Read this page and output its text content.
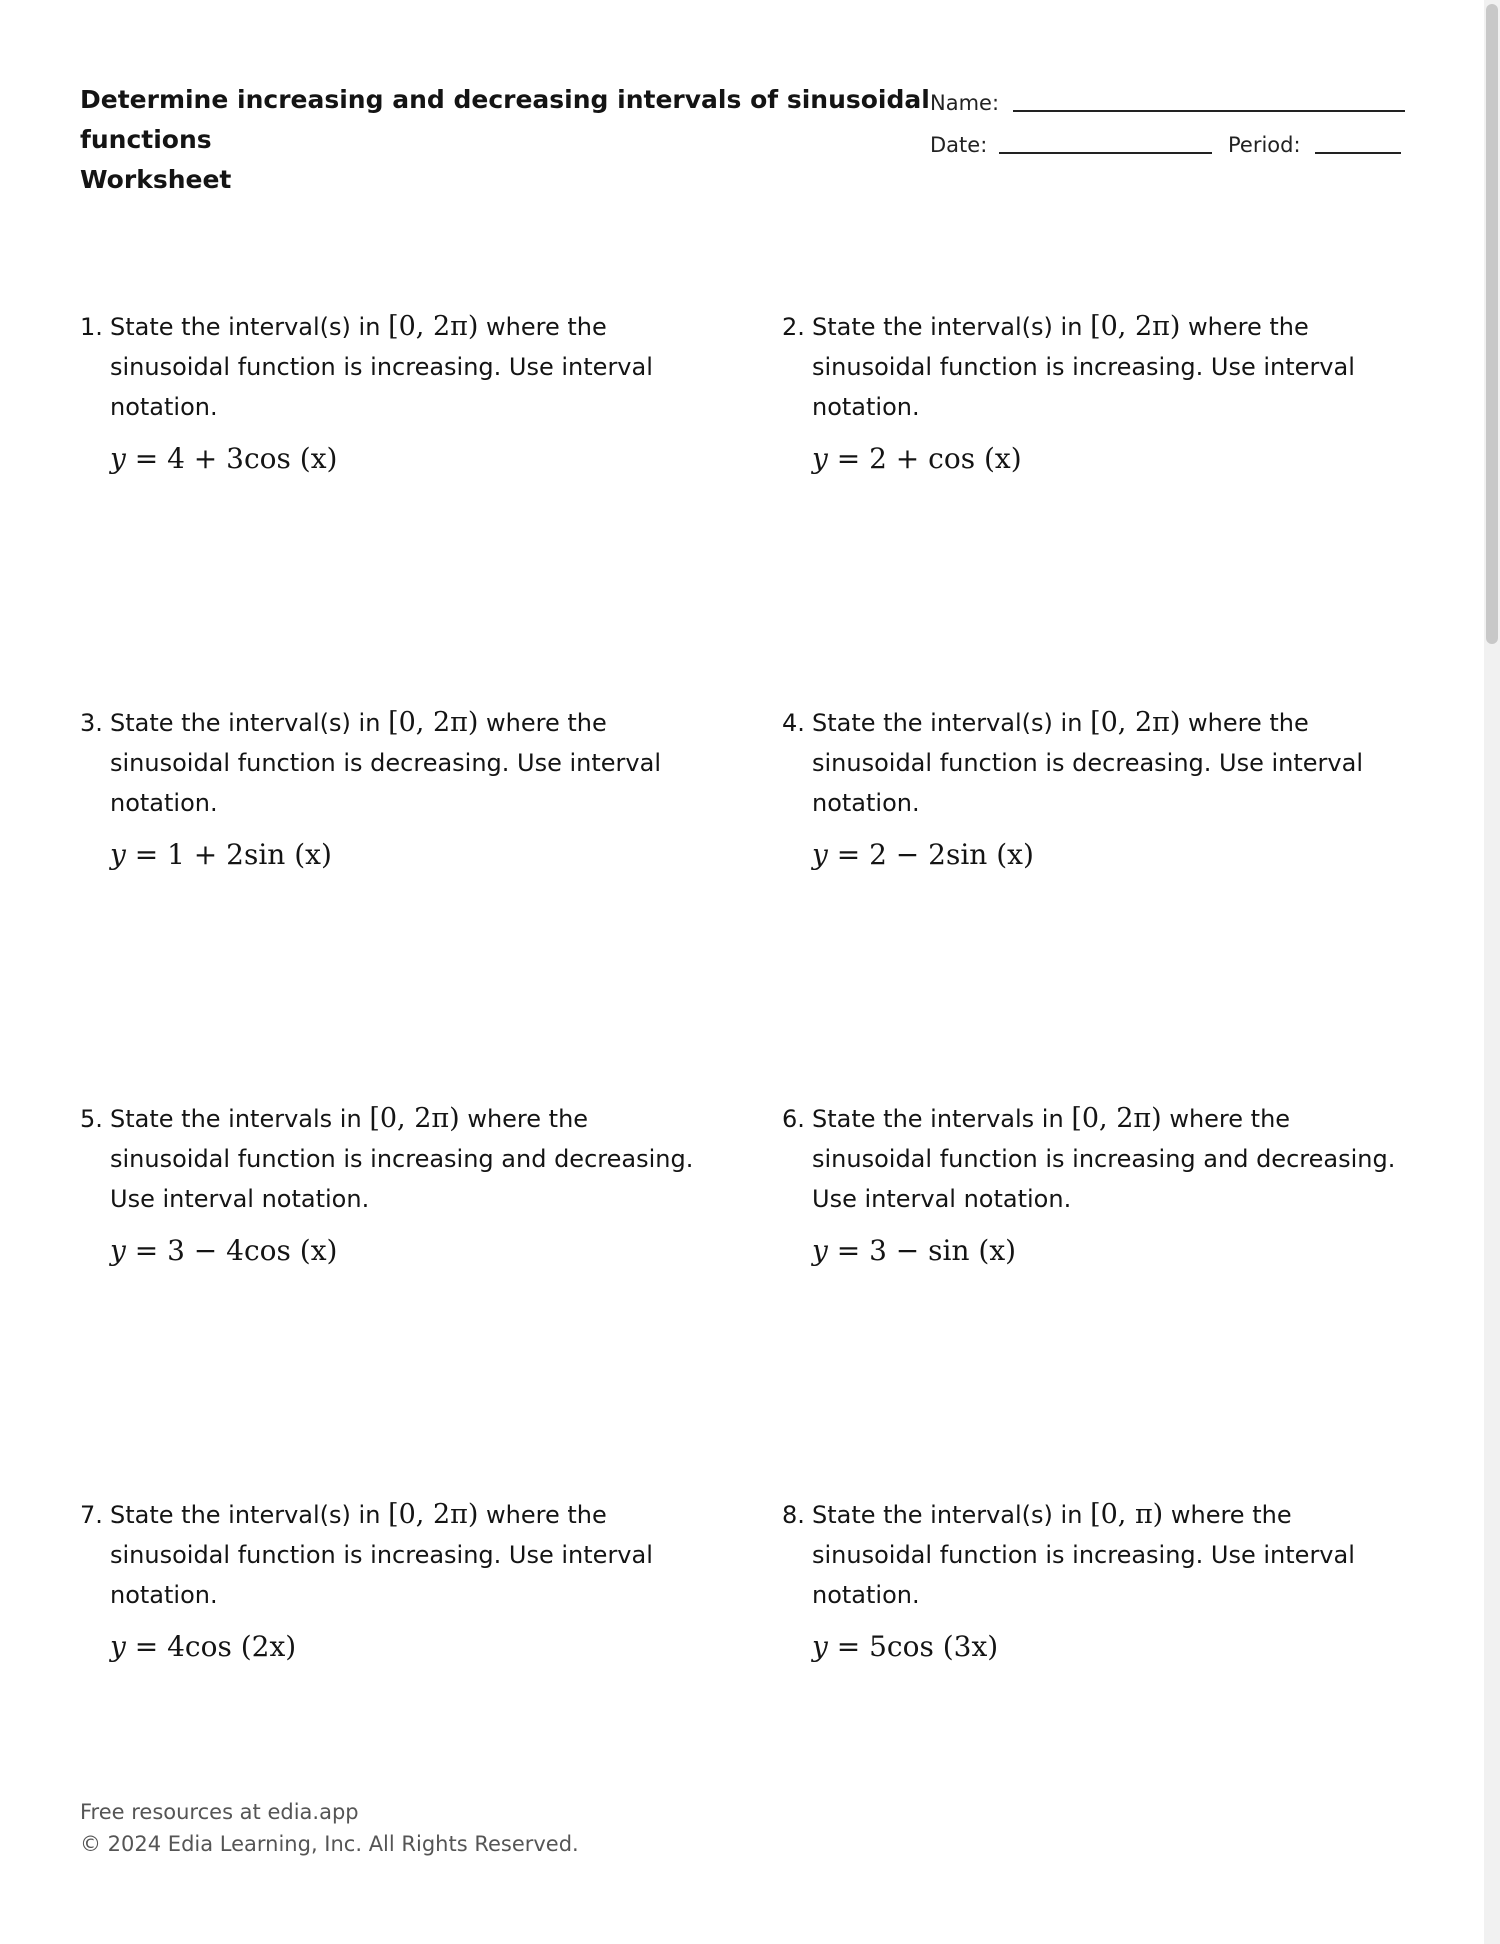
Determine increasing and decreasing intervals of sinusoidal
functions
Worksheet
Name:
Date:	Period:
1. State the interval(s) in [0, 2π) where the
sinusoidal function is increasing. Use interval
notation.
y = 4 + 3cos (x)
2. State the interval(s) in [0, 2π) where the
sinusoidal function is increasing. Use interval
notation.
y = 2 + cos (x)
3. State the interval(s) in [0, 2π) where the
sinusoidal function is decreasing. Use interval
notation.
y = 1 + 2sin (x)
4. State the interval(s) in [0, 2π) where the
sinusoidal function is decreasing. Use interval
notation.
y = 2 − 2sin (x)
5. State the intervals in [0, 2π) where the
sinusoidal function is increasing and decreasing.
Use interval notation.
y = 3 − 4cos (x)
6. State the intervals in [0, 2π) where the
sinusoidal function is increasing and decreasing.
Use interval notation.
y = 3 − sin (x)
7. State the interval(s) in [0, 2π) where the
sinusoidal function is increasing. Use interval
notation.
y = 4cos (2x)
8. State the interval(s) in [0, π) where the
sinusoidal function is increasing. Use interval
notation.
y = 5cos (3x)
Free resources at edia.app
© 2024 Edia Learning, Inc. All Rights Reserved.
